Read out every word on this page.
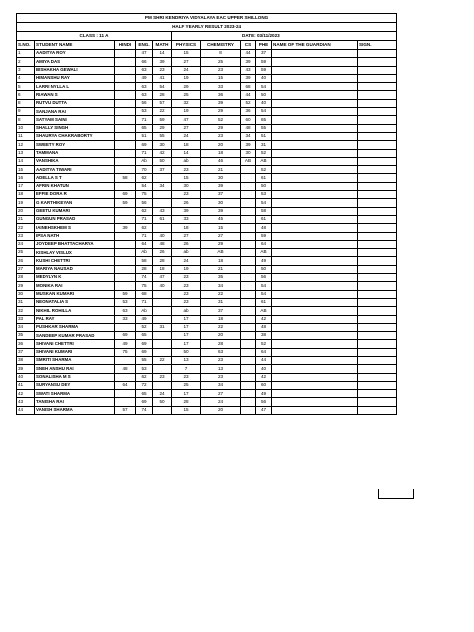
PM SHRI KENDRIYA VIDYALAYA EAC UPPER SHILLONG										
HALF YEARLY RESULT 2023-24										
CLASS : 11 A					DATE: 03/11/2023					
S.NO.	STUDENT NAME	HINDI	ENG.	MATH	PHYSICS	CHEMISTRY	CS	PHE	NAME OF THE GUARDIAN	SIGN.
1	AADITYA ROY		47	14	15	8	44	37		
2	AMIYA DAS		66	39	27	25	39	59		
3	BISHAKHA GEWALI		63	23	24	23	43	59		
4	HIMANSHU RAY		49	41	19	15	39	40		
5	LARRI NYLLA L		63	54	29	33	68	54		
6	RIAWAN S		63	28	25	36	44	50		
8	RUTVU DUTTA		56	57	32	39	52	40		
9	SANJANA RAI		53	22	19	29	36	54		
8	SATYAM SAINI		71	59	47	52	60	65		
10	SHALLY SINGH		65	29	27	29	48	55		
11	SHAURYA CHAKRABORTY		51	55	24	23	34	51		
12	SWEETY ROY		69	30	18	20	39	31		
13	TAMMANA		71	42	14	18	30	52		
14	VANSHIKA		Ab	50	ab	46	AB	AB		
15	AADITYA TIWARI		70	37	23	21		52		
16	ADELLA S T	58	62		15	30		61		
17	AFRIN KHATUN		54	34	30	39		50		
18	EFFIE DORA R	69	75		23	37		53		
19	G KARTHIKEYAN	59	56		26	30		54		
20	GEETU KUMARI		62	43	39	39		58		
21	GUNGUN PRASAD		71	61	33	45		61		
22	IAINEHSKHEM S	39	62		18	15		48		
23	IPSA NATH		71	40	27	27		59		
24	JOYDEEP BHATTACHARYA		64	48	26	29		64		
25	KISHLAY VISLUX		Ab	26	ab	AB		AB		
26	KUSHI CHETTRI		58	28	24	18		49		
27	MARIYA NAUSAD		28	18	19	21		50		
28	MEDYLYN K		74	47	23	35		56		
29	MONIKA RAI		75	40	23	34		54		
30	MUSKAN KUMARI	59	68		23	22		54		
31	NEONATALIA S	53	71		23	31		61		
32	NIKHIL ROHILLA	63	Ab		ab	37		AB		
33	PAL RAY	33	49		17	18		42		
34	PUSHKAR SHARMA		52	31	17	22		48		
35	SANDEEP KUMAR PRASAD	69	65		17	20		38		
36	SHIVANI CHETTRI	49	69		17	28		52		
37	SHIVANI KUMARI	75	69		50	63		64		
38	SMRITI SHARMA		55	22	13	23		44		
39	SNEH ANSHU RAI	48	53		7	13		40		
40	SONALISHA M S		62	23	23	23		42		
41	SURYANSU DEY	64	72		25	34		60		
42	SWATI SHARMA		65	24	17	27		49		
43	TANISHA RAI		69	50	28	24		56		
44	VANISH SHARMA	57	74		15	20		47		
